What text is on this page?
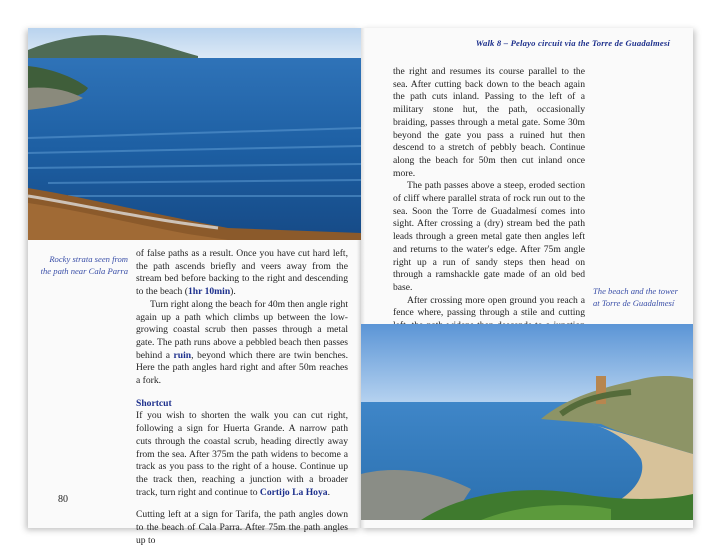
Rocky strata seen from the path near Cala Parra

of false paths as a result. Once you have cut hard left, the path ascends briefly and veers away from the stream bed before backing to the right and descending to the beach (1hr 10min).

Turn right along the beach for 40m then angle right again up a path which climbs up between the low-growing coastal scrub then passes through a metal gate. The path runs above a pebbled beach then passes behind a ruin, beyond which there are twin benches. Here the path angles hard right and after 50m reaches a fork.

Shortcut

If you wish to shorten the walk you can cut right, following a sign for Huerta Grande. A narrow path cuts through the coastal scrub, heading directly away from the sea. After 375m the path widens to become a track as you pass to the right of a house. Continue up the track then, reaching a junction with a broader track, turn right and continue to Cortijo La Hoya.

Cutting left at a sign for Tarifa, the path angles down to the beach of Cala Parra. After 75m the path angles up to

80
Walk 8 – Pelayo circuit via the Torre de Guadalmesí

the right and resumes its course parallel to the sea. After cutting back down to the beach again the path cuts inland. Passing to the left of a military stone hut, the path, occasionally braiding, passes through a metal gate. Some 30m beyond the gate you pass a ruined hut then descend to a stretch of pebbly beach. Continue along the beach for 50m then cut inland once more.

The path passes above a steep, eroded section of cliff where parallel strata of rock run out to the sea. Soon the Torre de Guadalmesí comes into sight. After crossing a (dry) stream bed the path leads through a green metal gate then angles left and returns to the water's edge. After 75m angle right up a run of sandy steps then head on through a ramshackle gate made of an old bed base.

After crossing more open ground you reach a fence where, passing through a stile and cutting

The beach and the tower at Torre de Guadalmesí
